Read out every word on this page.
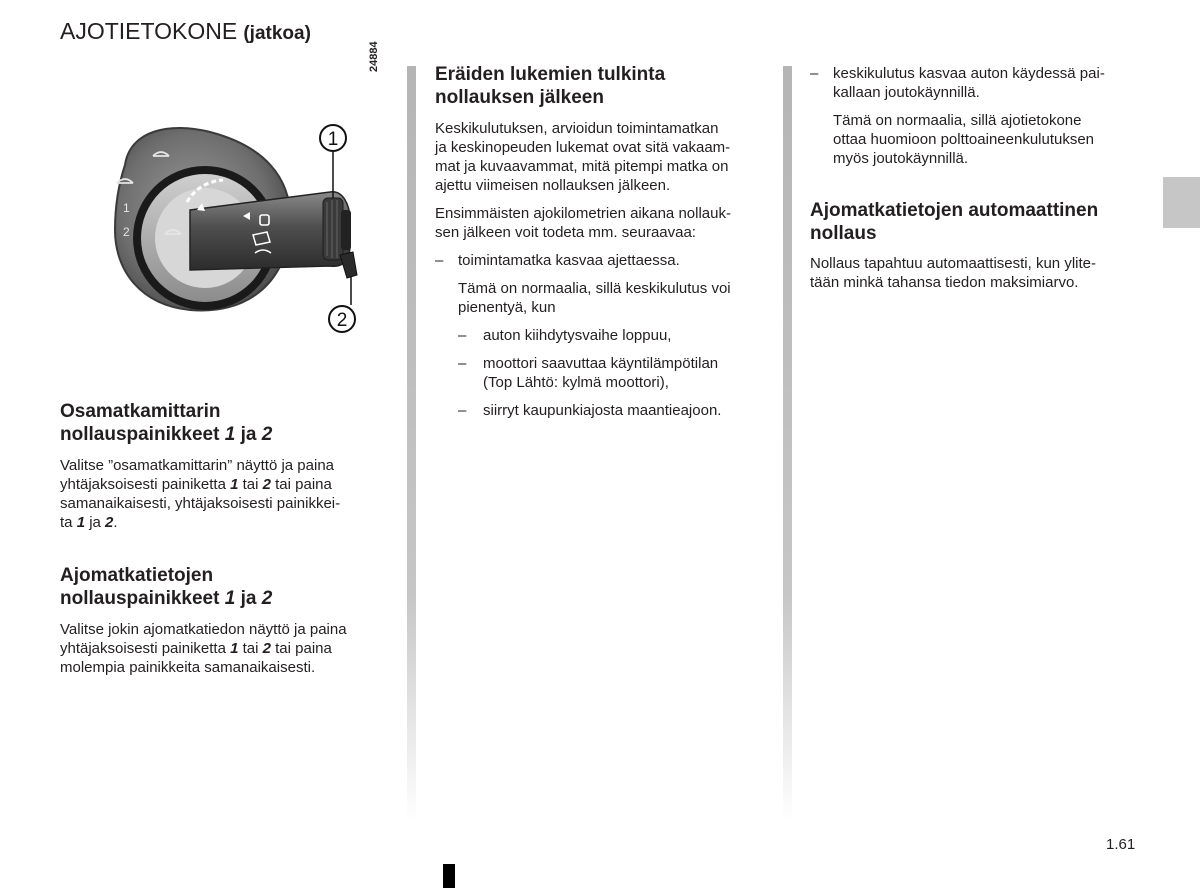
AJOTIETOKONE (jatkoa)
24884
1
2
1
2
Osamatkamittarin
nollauspainikkeet 1 ja 2
Valitse ”osamatkamittarin” näyttö ja paina
yhtäjaksoisesti painiketta 1 tai 2 tai paina
samanaikaisesti, yhtäjaksoisesti painikkei-
ta 1 ja 2.
Ajomatkatietojen
nollauspainikkeet 1 ja 2
Valitse jokin ajomatkatiedon näyttö ja paina
yhtäjaksoisesti painiketta 1 tai 2 tai paina
molempia painikkeita samanaikaisesti.
Eräiden lukemien tulkinta
nollauksen jälkeen
Keskikulutuksen, arvioidun toimintamatkan
ja keskinopeuden lukemat ovat sitä vakaam-
mat ja kuvaavammat, mitä pitempi matka on
ajettu viimeisen nollauksen jälkeen.
Ensimmäisten ajokilometrien aikana nollauk-
sen jälkeen voit todeta mm. seuraavaa:
– toimintamatka kasvaa ajettaessa.
Tämä on normaalia, sillä keskikulutus voi
pienentyä, kun
– auton kiihdytysvaihe loppuu,
– moottori saavuttaa käyntilämpötilan
(Top Lähtö: kylmä moottori),
– siirryt kaupunkiajosta maantieajoon.
– keskikulutus kasvaa auton käydessä pai-
kallaan joutokäynnillä.
Tämä on normaalia, sillä ajotietokone
ottaa huomioon polttoaineenkulutuksen
myös joutokäynnillä.
Ajomatkatietojen automaattinen
nollaus
Nollaus tapahtuu automaattisesti, kun ylite-
tään minkä tahansa tiedon maksimiarvo.
1.61
